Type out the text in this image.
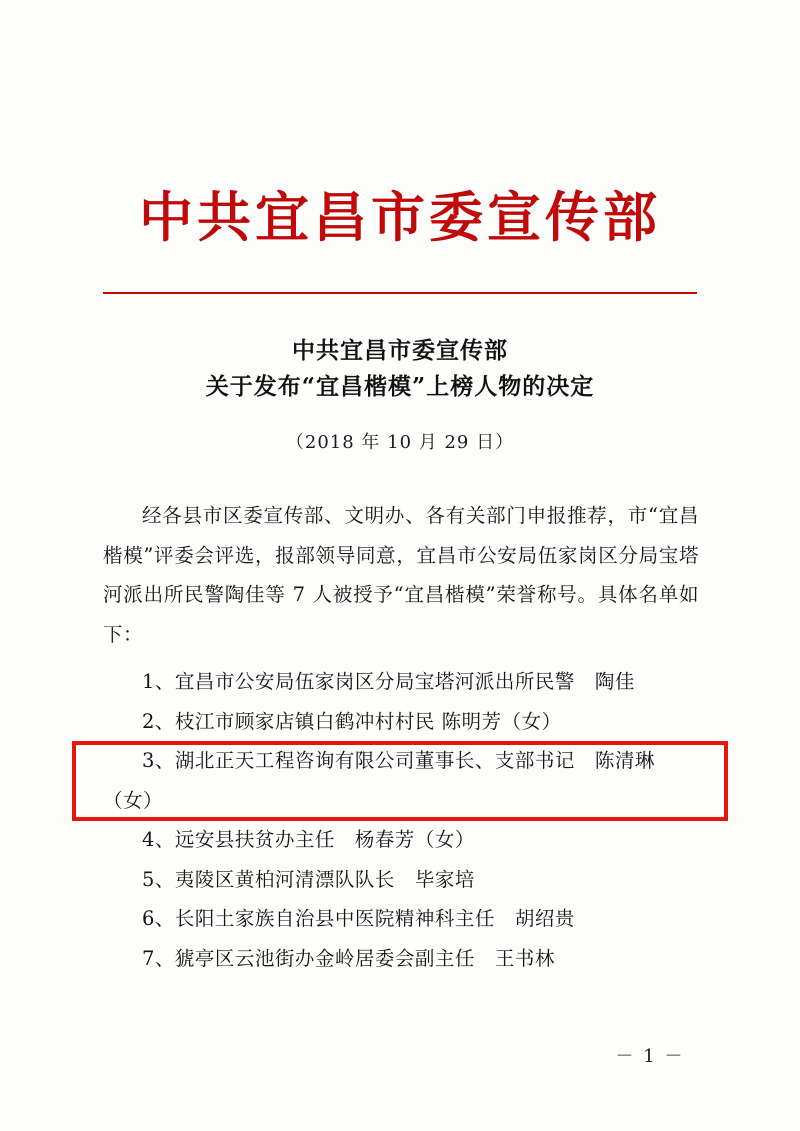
中共宜昌市委宣传部
中共宜昌市委宣传部
关于发布“宜昌楷模”上榜人物的决定
（2018 年 10 月 29 日）

经各县市区委宣传部、文明办、各有关部门申报推荐，市“宜昌楷模”评委会评选，报部领导同意，宜昌市公安局伍家岗区分局宝塔河派出所民警陶佳等 7 人被授予“宜昌楷模”荣誉称号。具体名单如下：

1、宜昌市公安局伍家岗区分局宝塔河派出所民警　陶佳

2、枝江市顾家店镇白鹤冲村村民 陈明芳（女）

3、湖北正天工程咨询有限公司董事长、支部书记　陈清琳
（女）

4、远安县扶贫办主任　杨春芳（女）

5、夷陵区黄柏河清漂队队长　毕家培

6、长阳土家族自治县中医院精神科主任　胡绍贵

7、猇亭区云池街办金岭居委会副主任　王书林

－ 1 －
